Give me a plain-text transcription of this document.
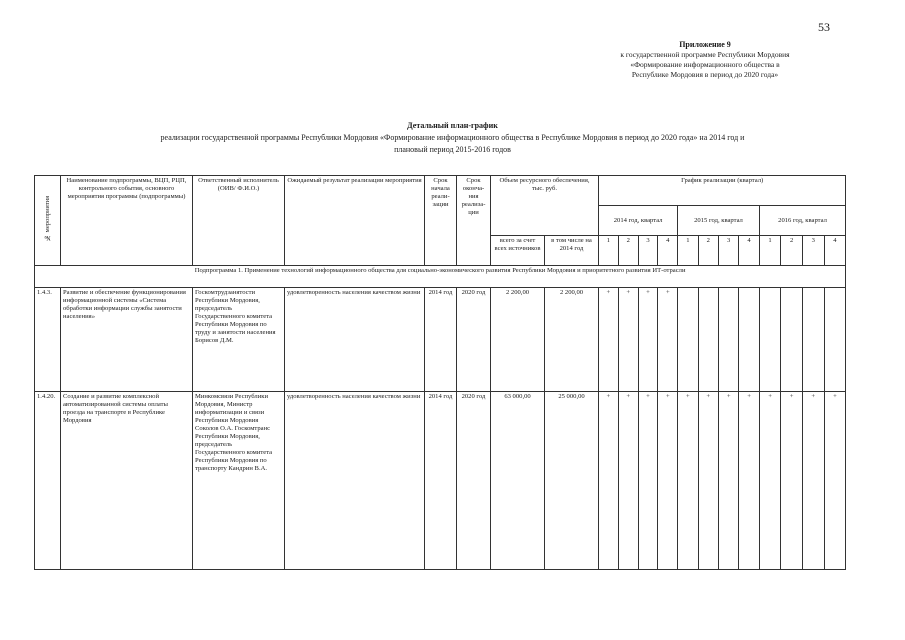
53
Приложение 9
к государственной программе Республики Мордовия
«Формирование информационного общества в
Республике Мордовия в период до 2020 года»
Детальный план-график
реализации государственной программы Республики Мордовия «Формирование информационного общества в Республике Мордовия в период до 2020 года» на 2014 год и
плановый период 2015-2016 годов
№ мероприятия	Наименование подпрограммы, ВЦП, РЦП, контрольного события, основного мероприятия программы (подпрограммы)	Ответственный исполнитель (ОИВ/ Ф.И.О.)	Ожидаемый результат реализации мероприятия	Срок начала реали-зации	Срок оконча-ния реализа-ции	Объем ресурсного обеспечения, тыс. руб.		График реализации (квартал)											
								2014 год, квартал				2015 год, квартал				2016 год, квартал			
						всего за счет всех источников	в том числе на 2014 год	1	2	3	4	1	2	3	4	1	2	3	4
Подпрограмма 1. Применение технологий информационного общества для социально-экономического развития Республики Мордовия и приоритетного развития ИТ-отрасли																			
1.4.3.	Развитие и обеспечение функционирования информационной системы «Система обработки информации службы занятости населения»	Госкомтрудзанятости Республики Мордовия, председатель Государственного комитета Республики Мордовия по труду и занятости населения Борисов Д.М.	удовлетворенность населения качеством жизни	2014 год	2020 год	2 200,00	2 200,00	+	+	+	+								
1.4.20.	Создание и развитие комплексной автоматизированной системы оплаты проезда на транспорте в Республике Мордовия	Минкомсвязи Республики Мордовия, Министр информатизации и связи Республики Мордовия Соколов О.А. Госкомтранс Республики Мордовия, председатель Государственного комитета Республики Мордовия по транспорту Кандрин В.А.	удовлетворенность населения качеством жизни	2014 год	2020 год	63 000,00	25 000,00	+	+	+	+	+	+	+	+	+	+	+	+
